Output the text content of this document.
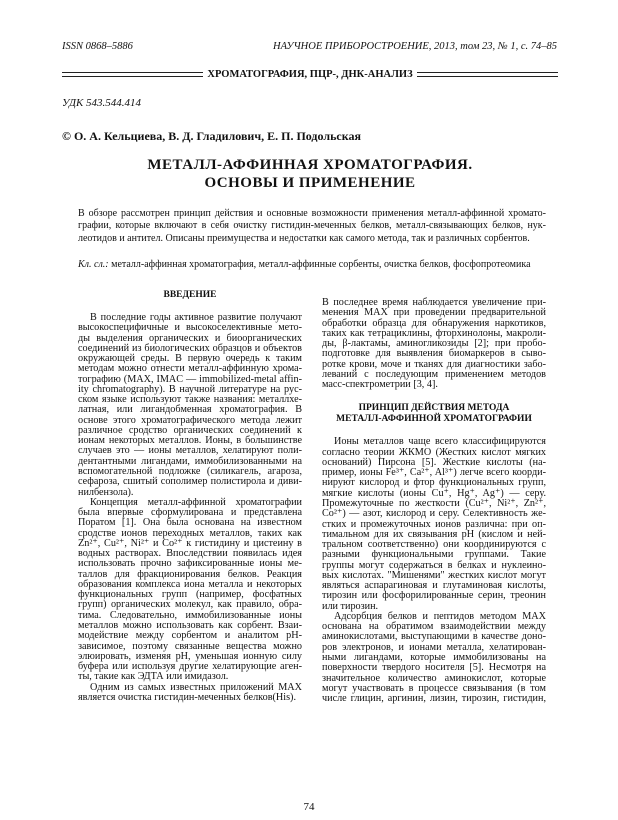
ISSN 0868–5886	НАУЧНОЕ ПРИБОРОСТРОЕНИЕ, 2013, том 23, № 1, с. 74–85
ХРОМАТОГРАФИЯ, ПЦР-, ДНК-АНАЛИЗ
УДК 543.544.414
© О. А. Кельциева, В. Д. Гладилович, Е. П. Подольская
МЕТАЛЛ-АФФИННАЯ ХРОМАТОГРАФИЯ.
ОСНОВЫ И ПРИМЕНЕНИЕ
В обзоре рассмотрен принцип действия и основные возможности применения металл-аффинной хромато-
графии, которые включают в себя очистку гистидин-меченных белков, металл-связывающих белков, нук-
леотидов и антител. Описаны преимущества и недостатки как самого метода, так и различных сорбентов.
Кл. сл.: металл-аффинная хроматография, металл-аффинные сорбенты, очистка белков, фосфопротеомика
ВВЕДЕНИЕ
В последние годы активное развитие получают
высокоспецифичные и высокоселективные мето-
ды выделения органических и биоорганических
соединений из биологических образцов и объектов
окружающей среды. В первую очередь к таким
методам можно отнести металл-аффинную хрома-
тографию (MAX, IMAC — immobilized-metal affin-
ity chromatography). В научной литературе на рус-
ском языке используют также названия: металлхе-
латная, или лигандобменная хроматография. В
основе этого хроматографического метода лежит
различное сродство органических соединений к
ионам некоторых металлов. Ионы, в большинстве
случаев это — ионы металлов, хелатируют поли-
дентантными лигандами, иммобилизованными на
вспомогательной подложке (силикагель, агароза,
сефароза, сшитый сополимер полистирола и диви-
нилбензола).
Концепция металл-аффинной хроматографии
была впервые сформулирована и представлена
Поратом [1]. Она была основана на известном
сродстве ионов переходных металлов, таких как
Zn²⁺, Cu²⁺, Ni²⁺ и Co²⁺ к гистидину и цистеину в
водных растворах. Впоследствии появилась идея
использовать прочно зафиксированные ионы ме-
таллов для фракционирования белков. Реакция
образования комплекса иона металла и некоторых
функциональных групп (например, фосфатных
групп) органических молекул, как правило, обра-
тима. Следовательно, иммобилизованные ионы
металлов можно использовать как сорбент. Взаи-
модействие между сорбентом и аналитом pH-
зависимое, поэтому связанные вещества можно
элюировать, изменяя pH, уменьшая ионную силу
буфера или используя другие хелатирующие аген-
ты, такие как ЭДТА или имидазол.
Одним из самых известных приложений MAX
является очистка гистидин-меченных белков(His).
В последнее время наблюдается увеличение при-
менения MAX при проведении предварительной
обработки образца для обнаружения наркотиков,
таких как тетрациклины, фторхинолоны, макроли-
ды, β-лактамы, аминогликозиды [2]; при пробо-
подготовке для выявления биомаркеров в сыво-
ротке крови, моче и тканях для диагностики забо-
леваний с последующим применением методов
масс-спектрометрии [3, 4].
ПРИНЦИП ДЕЙСТВИЯ МЕТОДА
МЕТАЛЛ-АФФИННОЙ ХРОМАТОГРАФИИ
Ионы металлов чаще всего классифицируются
согласно теории ЖКМО (Жестких кислот мягких
оснований) Пирсона [5]. Жесткие кислоты (на-
пример, ионы Fe³⁺, Ca²⁺, Al³⁺) легче всего коорди-
нируют кислород и фтор функциональных групп,
мягкие кислоты (ионы Cu⁺, Hg⁺, Ag⁺) — серу.
Промежуточные по жесткости (Cu²⁺, Ni²⁺, Zn²⁺,
Co²⁺) — азот, кислород и серу. Селективность же-
стких и промежуточных ионов различна: при оп-
тимальном для их связывания pH (кислом и ней-
тральном соответственно) они координируются с
разными функциональными группами. Такие
группы могут содержаться в белках и нуклеино-
вых кислотах. "Мишенями" жестких кислот могут
являться аспарагиновая и глутаминовая кислоты,
тирозин или фосфорилированные серин, треонин
или тирозин.
Адсорбция белков и пептидов методом MAX
основана на обратимом взаимодействии между
аминокислотами, выступающими в качестве доно-
ров электронов, и ионами металла, хелатирован-
ными лигандами, которые иммобилизованы на
поверхности твердого носителя [5]. Несмотря на
значительное количество аминокислот, которые
могут участвовать в процессе связывания (в том
числе глицин, аргинин, лизин, тирозин, гистидин,
74
